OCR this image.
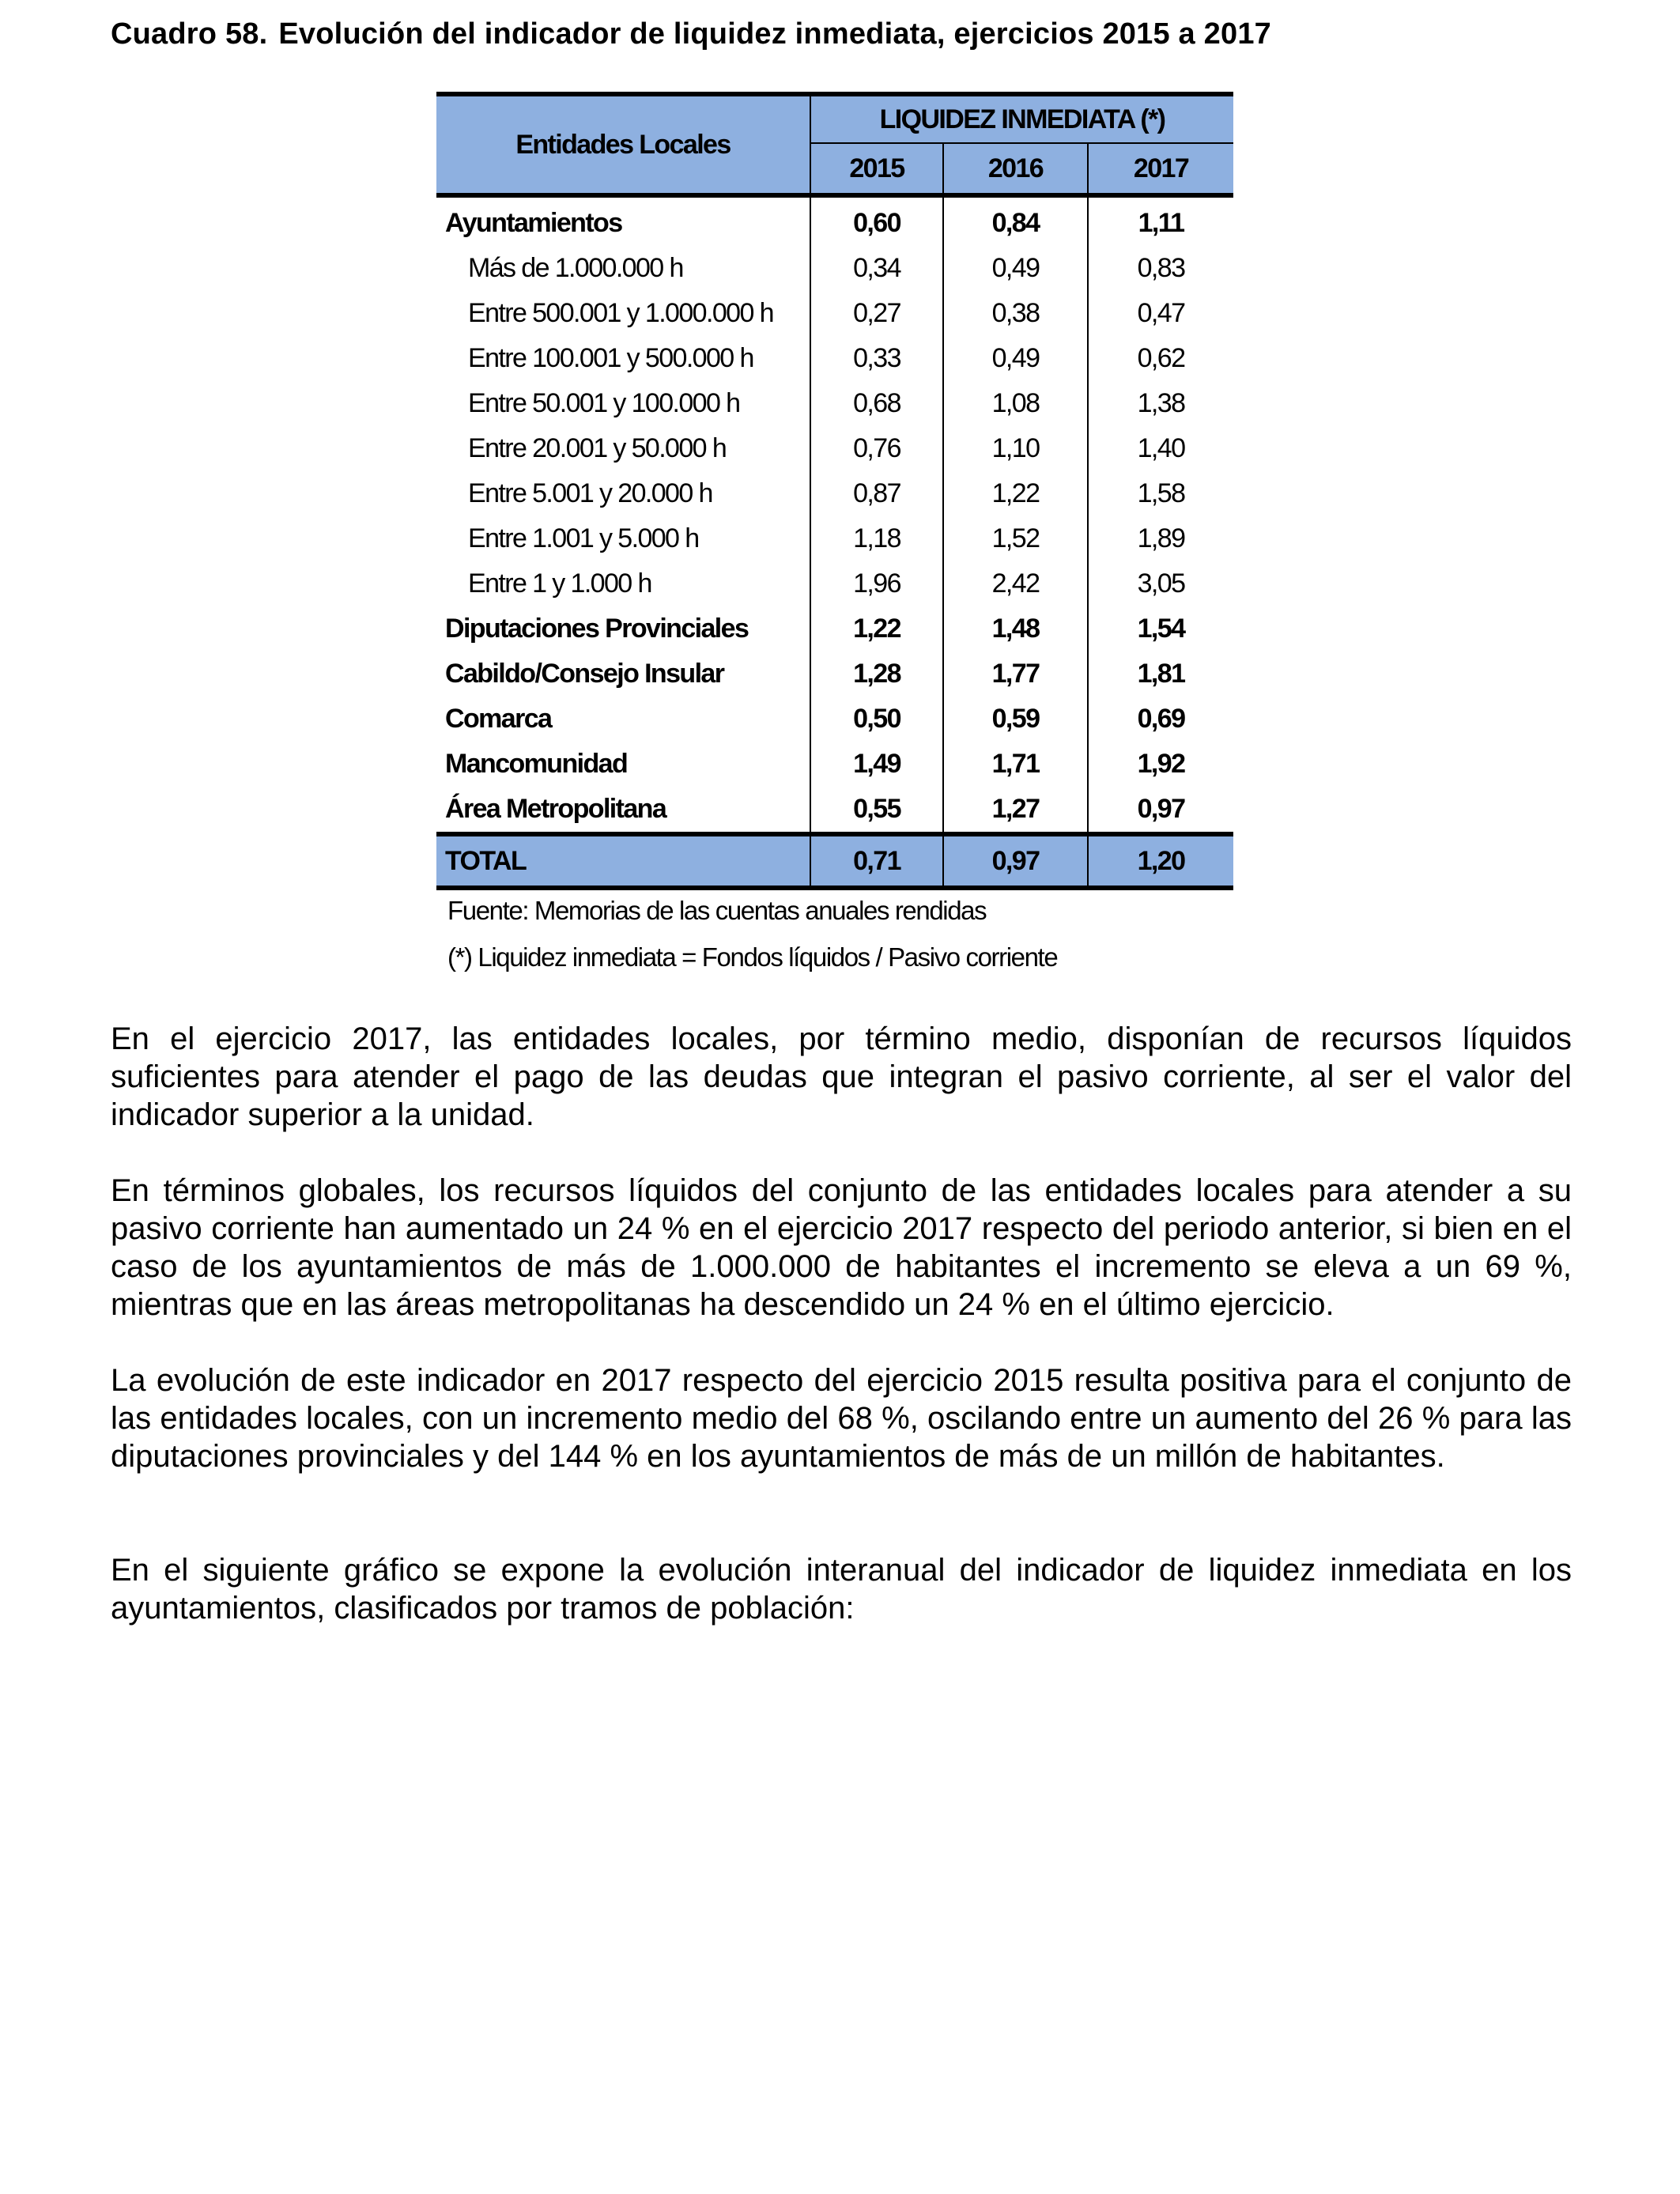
Cuadro 58. Evolución del indicador de liquidez inmediata, ejercicios 2015 a 2017
Entidades Locales	LIQUIDEZ INMEDIATA (*)		
	2015	2016	2017
Ayuntamientos	0,60	0,84	1,11
Más de 1.000.000 h	0,34	0,49	0,83
Entre 500.001 y 1.000.000 h	0,27	0,38	0,47
Entre 100.001 y 500.000 h	0,33	0,49	0,62
Entre 50.001 y 100.000 h	0,68	1,08	1,38
Entre 20.001 y 50.000 h	0,76	1,10	1,40
Entre 5.001 y 20.000 h	0,87	1,22	1,58
Entre 1.001 y 5.000 h	1,18	1,52	1,89
Entre 1 y 1.000 h	1,96	2,42	3,05
Diputaciones Provinciales	1,22	1,48	1,54
Cabildo/Consejo Insular	1,28	1,77	1,81
Comarca	0,50	0,59	0,69
Mancomunidad	1,49	1,71	1,92
Área Metropolitana	0,55	1,27	0,97
TOTAL	0,71	0,97	1,20
Fuente: Memorias de las cuentas anuales rendidas
(*) Liquidez inmediata = Fondos líquidos / Pasivo corriente

En el ejercicio 2017, las entidades locales, por término medio, disponían de recursos líquidos suficientes para atender el pago de las deudas que integran el pasivo corriente, al ser el valor del indicador superior a la unidad.

En términos globales, los recursos líquidos del conjunto de las entidades locales para atender a su pasivo corriente han aumentado un 24 % en el ejercicio 2017 respecto del periodo anterior, si bien en el caso de los ayuntamientos de más de 1.000.000 de habitantes el incremento se eleva a un 69 %, mientras que en las áreas metropolitanas ha descendido un 24 % en el último ejercicio.

La evolución de este indicador en 2017 respecto del ejercicio 2015 resulta positiva para el conjunto de las entidades locales, con un incremento medio del 68 %, oscilando entre un aumento del 26 % para las diputaciones provinciales y del 144 % en los ayuntamientos de más de un millón de habitantes.

En el siguiente gráfico se expone la evolución interanual del indicador de liquidez inmediata en los ayuntamientos, clasificados por tramos de población:
